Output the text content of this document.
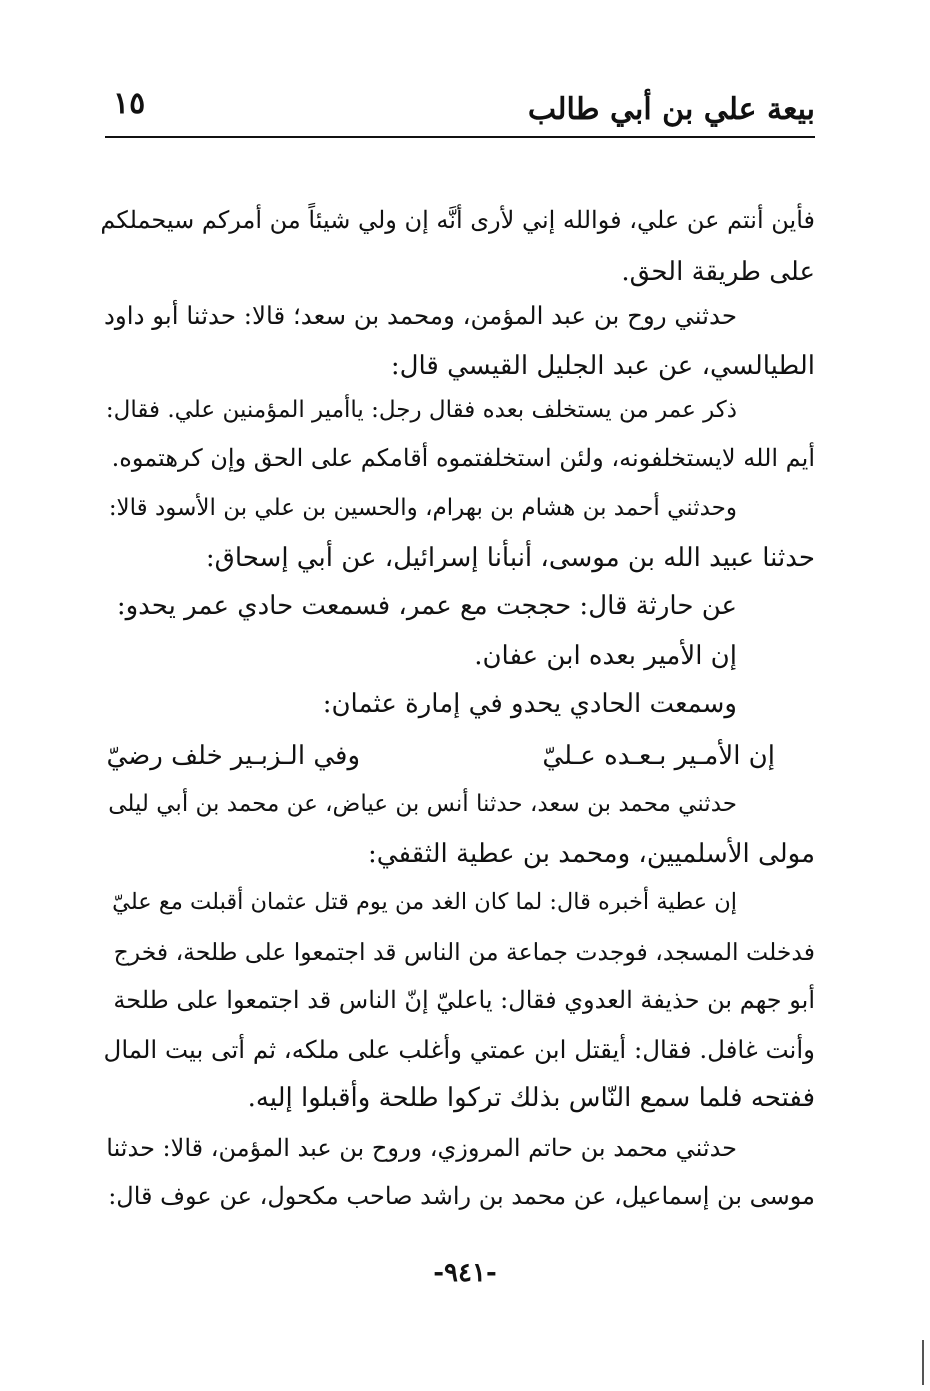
بيعة علي بن أبي طالب
١٥
فأين أنتم عن علي، فوالله إني لأرى أنَّه إن ولي شيئاً من أمركم سيحملكم
على طريقة الحق.
حدثني روح بن عبد المؤمن، ومحمد بن سعد؛ قالا: حدثنا أبو داود
الطيالسي، عن عبد الجليل القيسي قال:
ذكر عمر من يستخلف بعده فقال رجل: ياأمير المؤمنين علي. فقال:
أيم الله لايستخلفونه، ولئن استخلفتموه أقامكم على الحق وإن كرهتموه.
وحدثني أحمد بن هشام بن بهرام، والحسين بن علي بن الأسود قالا:
حدثنا عبيد الله بن موسى، أنبأنا إسرائيل، عن أبي إسحاق:
عن حارثة قال: حججت مع عمر، فسمعت حادي عمر يحدو:
إن الأمير بعده ابن عفان.
وسمعت الحادي يحدو في إمارة عثمان:
إن الأمـير بـعـده عـليّ
وفي الـزبـير خلف رضيّ
حدثني محمد بن سعد، حدثنا أنس بن عياض، عن محمد بن أبي ليلى
مولى الأسلميين، ومحمد بن عطية الثقفي:
إن عطية أخبره قال: لما كان الغد من يوم قتل عثمان أقبلت مع عليّ
فدخلت المسجد، فوجدت جماعة من الناس قد اجتمعوا على طلحة، فخرج
أبو جهم بن حذيفة العدوي فقال: ياعليّ إنّ الناس قد اجتمعوا على طلحة
وأنت غافل. فقال: أيقتل ابن عمتي وأغلب على ملكه، ثم أتى بيت المال
ففتحه فلما سمع النّاس بذلك تركوا طلحة وأقبلوا إليه.
حدثني محمد بن حاتم المروزي، وروح بن عبد المؤمن، قالا: حدثنا
موسى بن إسماعيل، عن محمد بن راشد صاحب مكحول، عن عوف قال:
-٩٤١-
